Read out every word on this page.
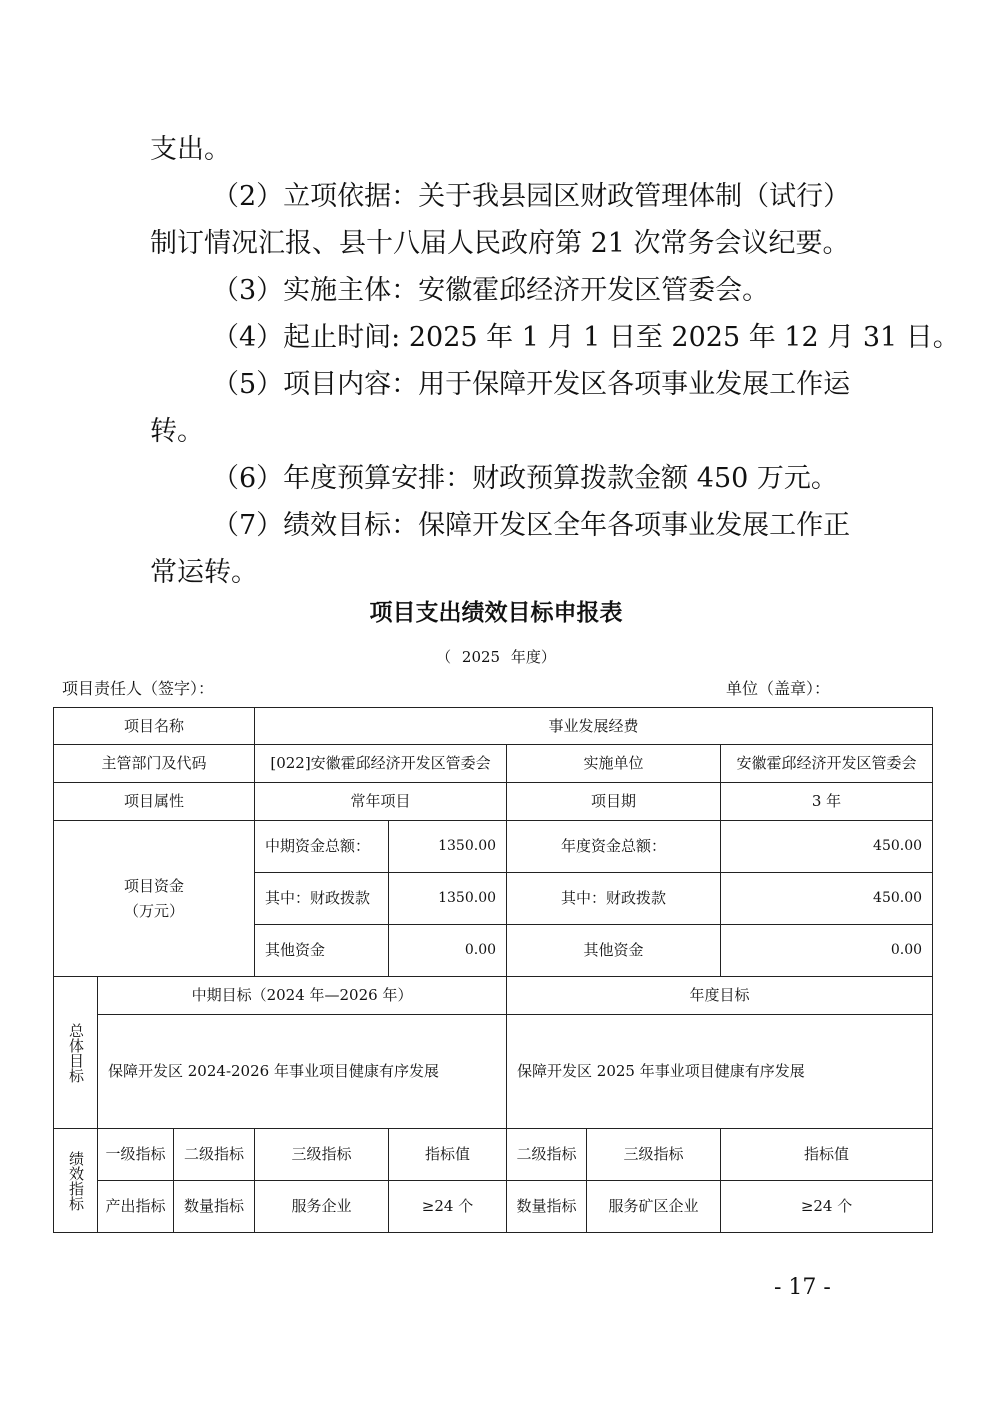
支出。

（2）立项依据：关于我县园区财政管理体制（试行）

制订情况汇报、县十八届人民政府第 21 次常务会议纪要。

（3）实施主体：安徽霍邱经济开发区管委会。

（4）起止时间: 2025 年 1 月 1 日至 2025 年 12 月 31 日。

（5）项目内容：用于保障开发区各项事业发展工作运

转。

（6）年度预算安排：财政预算拨款金额 450 万元。

（7）绩效目标：保障开发区全年各项事业发展工作正

常运转。

项目支出绩效目标申报表
（ 2025 年度）
项目责任人（签字）：	单位（盖章）：
项目名称			事业发展经费				
主管部门及代码			[022]安徽霍邱经济开发区管委会		实施单位		安徽霍邱经济开发区管委会
项目属性			常年项目		项目期		3 年

项目资金
（万元）			中期资金总额：	1350.00	年度资金总额：		450.00
			其中：财政拨款	1350.00	其中：财政拨款		450.00
			其他资金	0.00	其他资金		0.00
总体目标	中期目标（2024 年—2026 年）				年度目标		
	保障开发区 2024-2026 年事业项目健康有序发展				保障开发区 2025 年事业项目健康有序发展		
绩效指标	一级指标	二级指标	三级指标	指标值	二级指标	三级指标	指标值
	产出指标	数量指标	服务企业	≥24 个	数量指标	服务矿区企业	≥24 个
- 17 -
